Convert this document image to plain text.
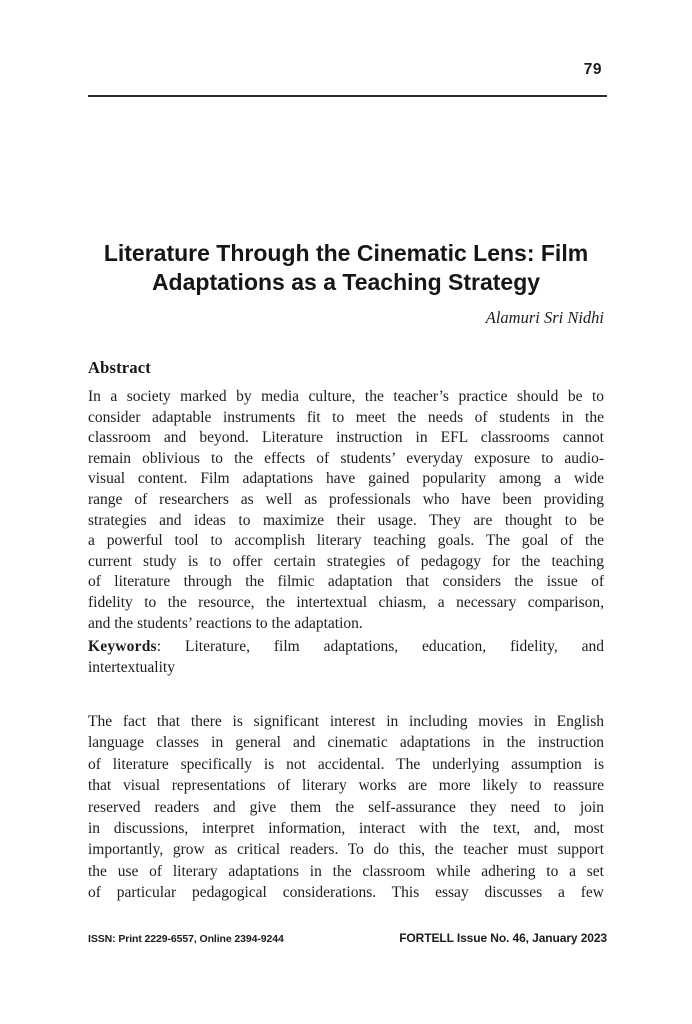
79
Literature Through the Cinematic Lens: Film
Adaptations as a Teaching Strategy
Alamuri Sri Nidhi
Abstract
In a society marked by media culture, the teacher’s practice should be to
consider adaptable instruments fit to meet the needs of students in the
classroom and beyond. Literature instruction in EFL classrooms cannot
remain oblivious to the effects of students’ everyday exposure to audio-
visual content. Film adaptations have gained popularity among a wide
range of researchers as well as professionals who have been providing
strategies and ideas to maximize their usage. They are thought to be
a powerful tool to accomplish literary teaching goals. The goal of the
current study is to offer certain strategies of pedagogy for the teaching
of literature through the filmic adaptation that considers the issue of
fidelity to the resource, the intertextual chiasm, a necessary comparison,
and the students’ reactions to the adaptation.
Keywords: Literature, film adaptations, education, fidelity, and
intertextuality
The fact that there is significant interest in including movies in English
language classes in general and cinematic adaptations in the instruction
of literature specifically is not accidental. The underlying assumption is
that visual representations of literary works are more likely to reassure
reserved readers and give them the self-assurance they need to join
in discussions, interpret information, interact with the text, and, most
importantly, grow as critical readers. To do this, the teacher must support
the use of literary adaptations in the classroom while adhering to a set
of particular pedagogical considerations. This essay discusses a few
ISSN: Print 2229-6557, Online 2394-9244	FORTELL Issue No. 46, January 2023
